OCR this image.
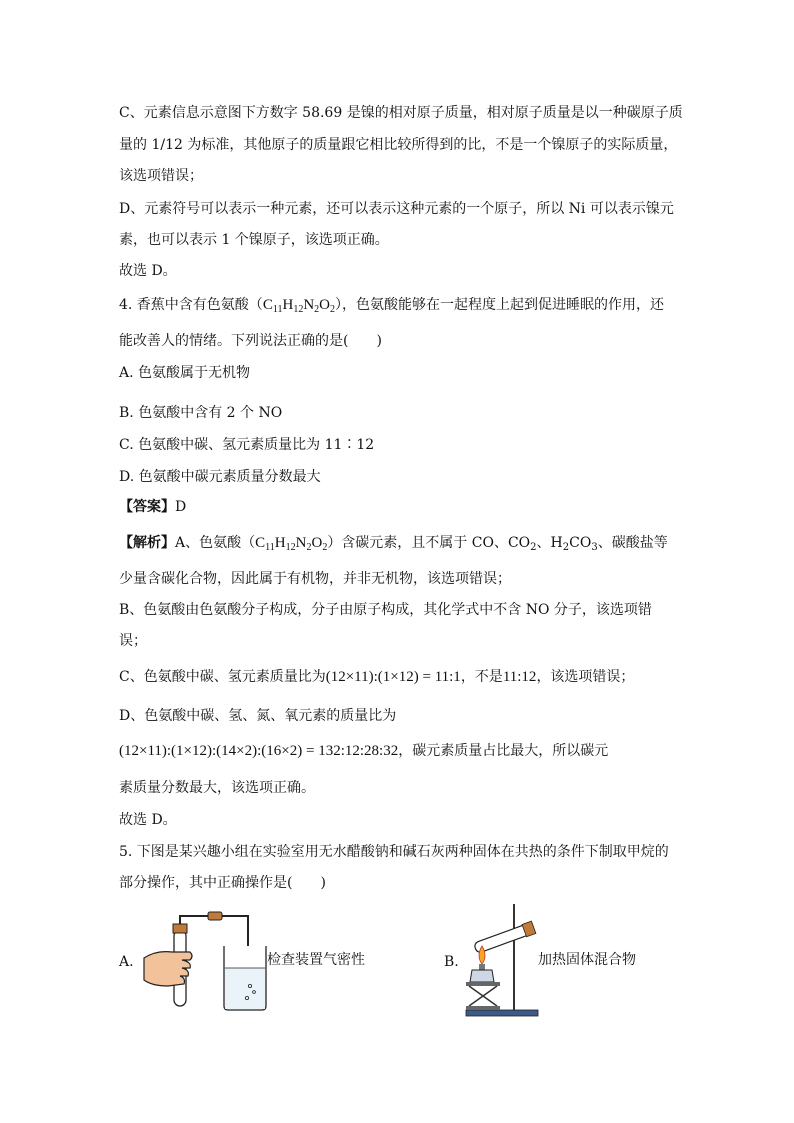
C、元素信息示意图下方数字 58.69 是镍的相对原子质量，相对原子质量是以一种碳原子质
量的 1/12 为标准，其他原子的质量跟它相比较所得到的比，不是一个镍原子的实际质量，
该选项错误；
D、元素符号可以表示一种元素，还可以表示这种元素的一个原子，所以 Ni 可以表示镍元
素，也可以表示 1 个镍原子，该选项正确。
故选 D。
4. 香蕉中含有色氨酸$(C_{11}H_{12}N_2O_2)$，色氨酸能够在一起程度上起到促进睡眠的作用，还
能改善人的情绪。下列说法正确的是(　　)
A. 色氨酸属于无机物
B. 色氨酸中含有 2 个 NO
C. 色氨酸中碳、氢元素质量比为 11∶12
D. 色氨酸中碳元素质量分数最大
【答案】D
【解析】A、色氨酸$(C_{11}H_{12}N_2O_2)$含碳元素，且不属于 CO、$CO_2$、$H_2CO_3$、碳酸盐等
少量含碳化合物，因此属于有机物，并非无机物，该选项错误；
B、色氨酸由色氨酸分子构成，分子由原子构成，其化学式中不含 NO 分子，该选项错
误；
C、色氨酸中碳、氢元素质量比为(12×11):(1×12) = 11:1，不是11:12，该选项错误；
D、色氨酸中碳、氢、氮、氧元素的质量比为
(12×11):(1×12):(14×2):(16×2) = 132:12:28:32，碳元素质量占比最大，所以碳元
素质量分数最大，该选项正确。
故选 D。
5. 下图是某兴趣小组在实验室用无水醋酸钠和碱石灰两种固体在共热的条件下制取甲烷的
部分操作，其中正确操作是(　　)
A.	检查装置气密性	B.	加热固体混合物
